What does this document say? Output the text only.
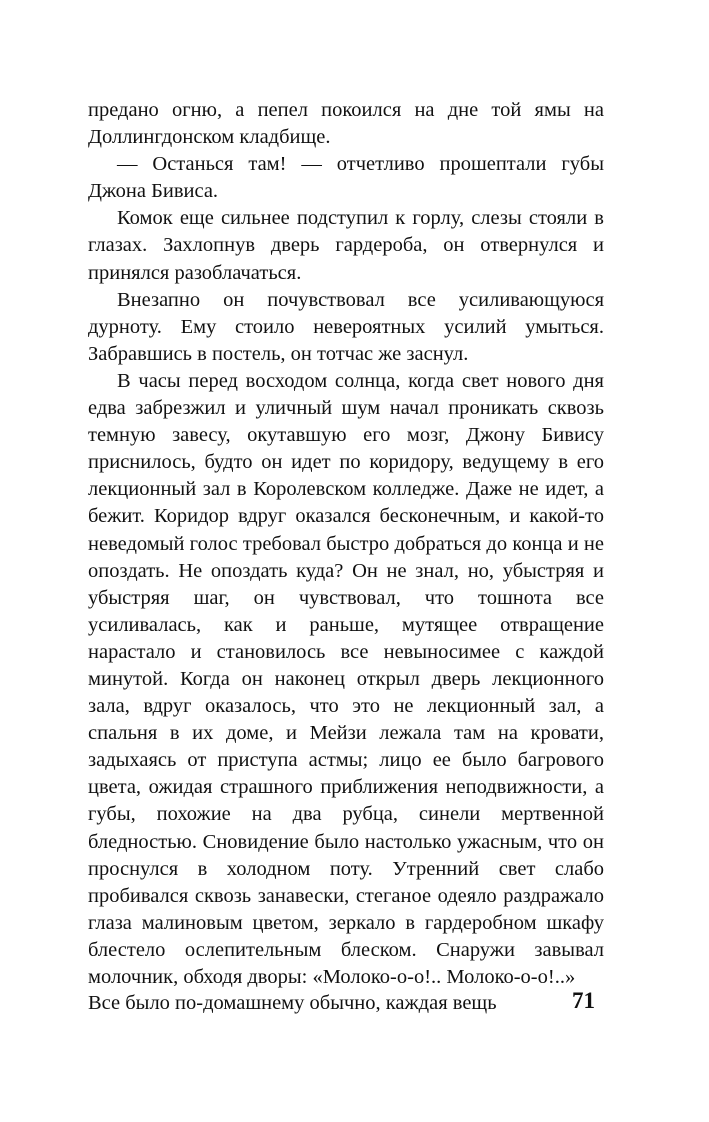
предано огню, а пепел покоился на дне той ямы на Доллингдонском кладбище.

— Останься там! — отчетливо прошептали губы Джона Бивиса.

Комок еще сильнее подступил к горлу, слезы стояли в глазах. Захлопнув дверь гардероба, он отвернулся и принялся разоблачаться.

Внезапно он почувствовал все усиливающуюся дурноту. Ему стоило невероятных усилий умыться. Забравшись в постель, он тотчас же заснул.

В часы перед восходом солнца, когда свет нового дня едва забрезжил и уличный шум начал проникать сквозь темную завесу, окутавшую его мозг, Джону Бивису приснилось, будто он идет по коридору, ведущему в его лекционный зал в Королевском колледже. Даже не идет, а бежит. Коридор вдруг оказался бесконечным, и какой-то неведомый голос требовал быстро добраться до конца и не опоздать. Не опоздать куда? Он не знал, но, убыстряя и убыстряя шаг, он чувствовал, что тошнота все усиливалась, как и раньше, мутящее отвращение нарастало и становилось все невыносимее с каждой минутой. Когда он наконец открыл дверь лекционного зала, вдруг оказалось, что это не лекционный зал, а спальня в их доме, и Мейзи лежала там на кровати, задыхаясь от приступа астмы; лицо ее было багрового цвета, ожидая страшного приближения неподвижности, а губы, похожие на два рубца, синели мертвенной бледностью. Сновидение было настолько ужасным, что он проснулся в холодном поту. Утренний свет слабо пробивался сквозь занавески, стеганое одеяло раздражало глаза малиновым цветом, зеркало в гардеробном шкафу блестело ослепительным блеском. Снаружи завывал молочник, обходя дворы: «Молоко-о-о!.. Молоко-о-о!..»

Все было по-домашнему обычно, каждая вещь	71
